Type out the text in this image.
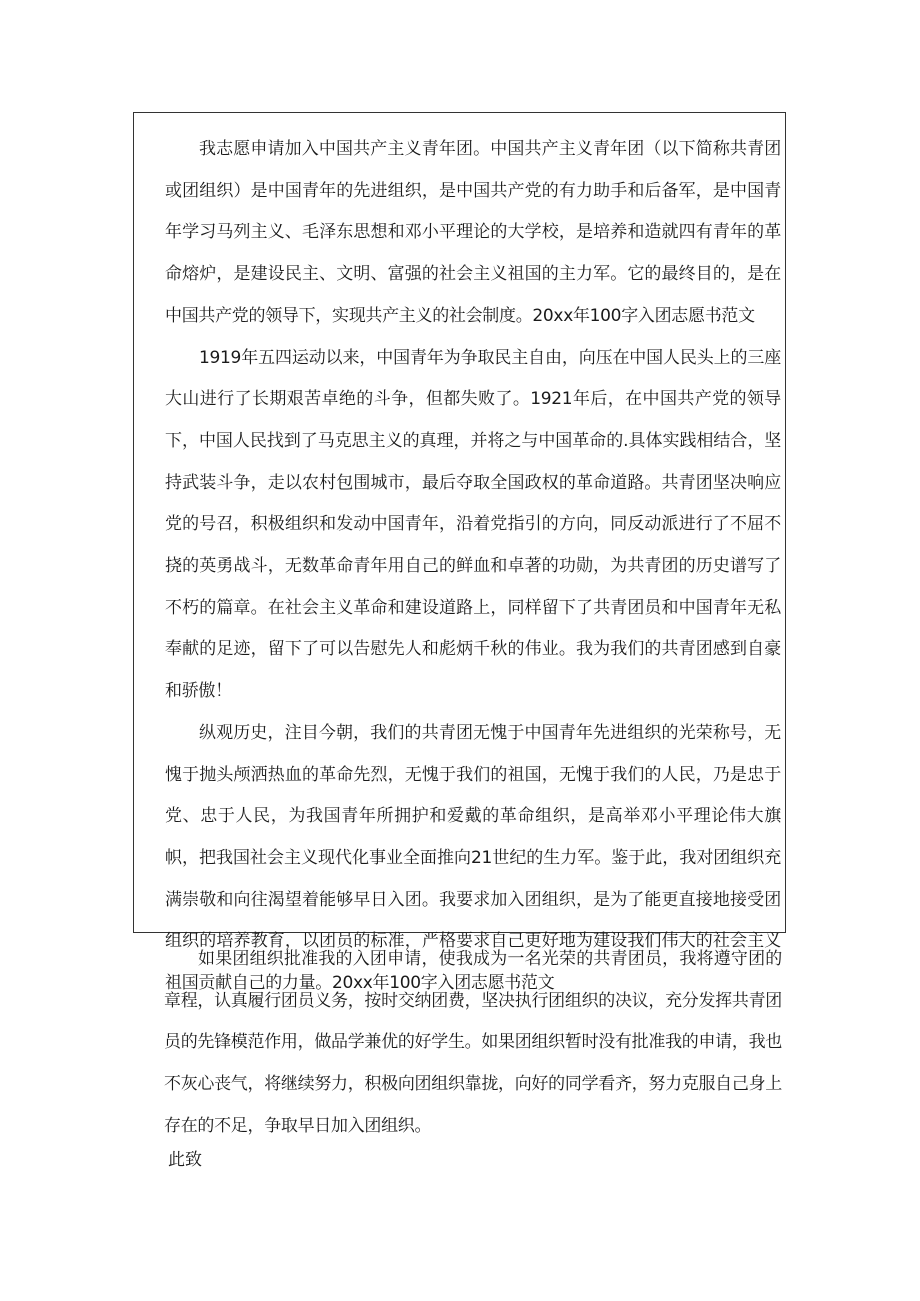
我志愿申请加入中国共产主义青年团。中国共产主义青年团（以下简称共青团或团组织）是中国青年的先进组织，是中国共产党的有力助手和后备军，是中国青年学习马列主义、毛泽东思想和邓小平理论的大学校，是培养和造就四有青年的革命熔炉，是建设民主、文明、富强的社会主义祖国的主力军。它的最终目的，是在中国共产党的领导下，实现共产主义的社会制度。20xx年100字入团志愿书范文

1919年五四运动以来，中国青年为争取民主自由，向压在中国人民头上的三座大山进行了长期艰苦卓绝的斗争，但都失败了。1921年后，在中国共产党的领导下，中国人民找到了马克思主义的真理，并将之与中国革命的.具体实践相结合，坚持武装斗争，走以农村包围城市，最后夺取全国政权的革命道路。共青团坚决响应党的号召，积极组织和发动中国青年，沿着党指引的方向，同反动派进行了不屈不挠的英勇战斗，无数革命青年用自己的鲜血和卓著的功勋，为共青团的历史谱写了不朽的篇章。在社会主义革命和建设道路上，同样留下了共青团员和中国青年无私奉献的足迹，留下了可以告慰先人和彪炳千秋的伟业。我为我们的共青团感到自豪和骄傲！

纵观历史，注目今朝，我们的共青团无愧于中国青年先进组织的光荣称号，无愧于抛头颅洒热血的革命先烈，无愧于我们的祖国，无愧于我们的人民，乃是忠于党、忠于人民，为我国青年所拥护和爱戴的革命组织，是高举邓小平理论伟大旗帜，把我国社会主义现代化事业全面推向21世纪的生力军。鉴于此，我对团组织充满崇敬和向往渴望着能够早日入团。我要求加入团组织，是为了能更直接地接受团组织的培养教育，以团员的标准，严格要求自己更好地为建设我们伟大的社会主义祖国贡献自己的力量。20xx年100字入团志愿书范文

如果团组织批准我的入团申请，使我成为一名光荣的共青团员，我将遵守团的章程，认真履行团员义务，按时交纳团费，坚决执行团组织的决议，充分发挥共青团员的先锋模范作用，做品学兼优的好学生。如果团组织暂时没有批准我的申请，我也不灰心丧气，将继续努力，积极向团组织靠拢，向好的同学看齐，努力克服自己身上存在的不足，争取早日加入团组织。

此致
